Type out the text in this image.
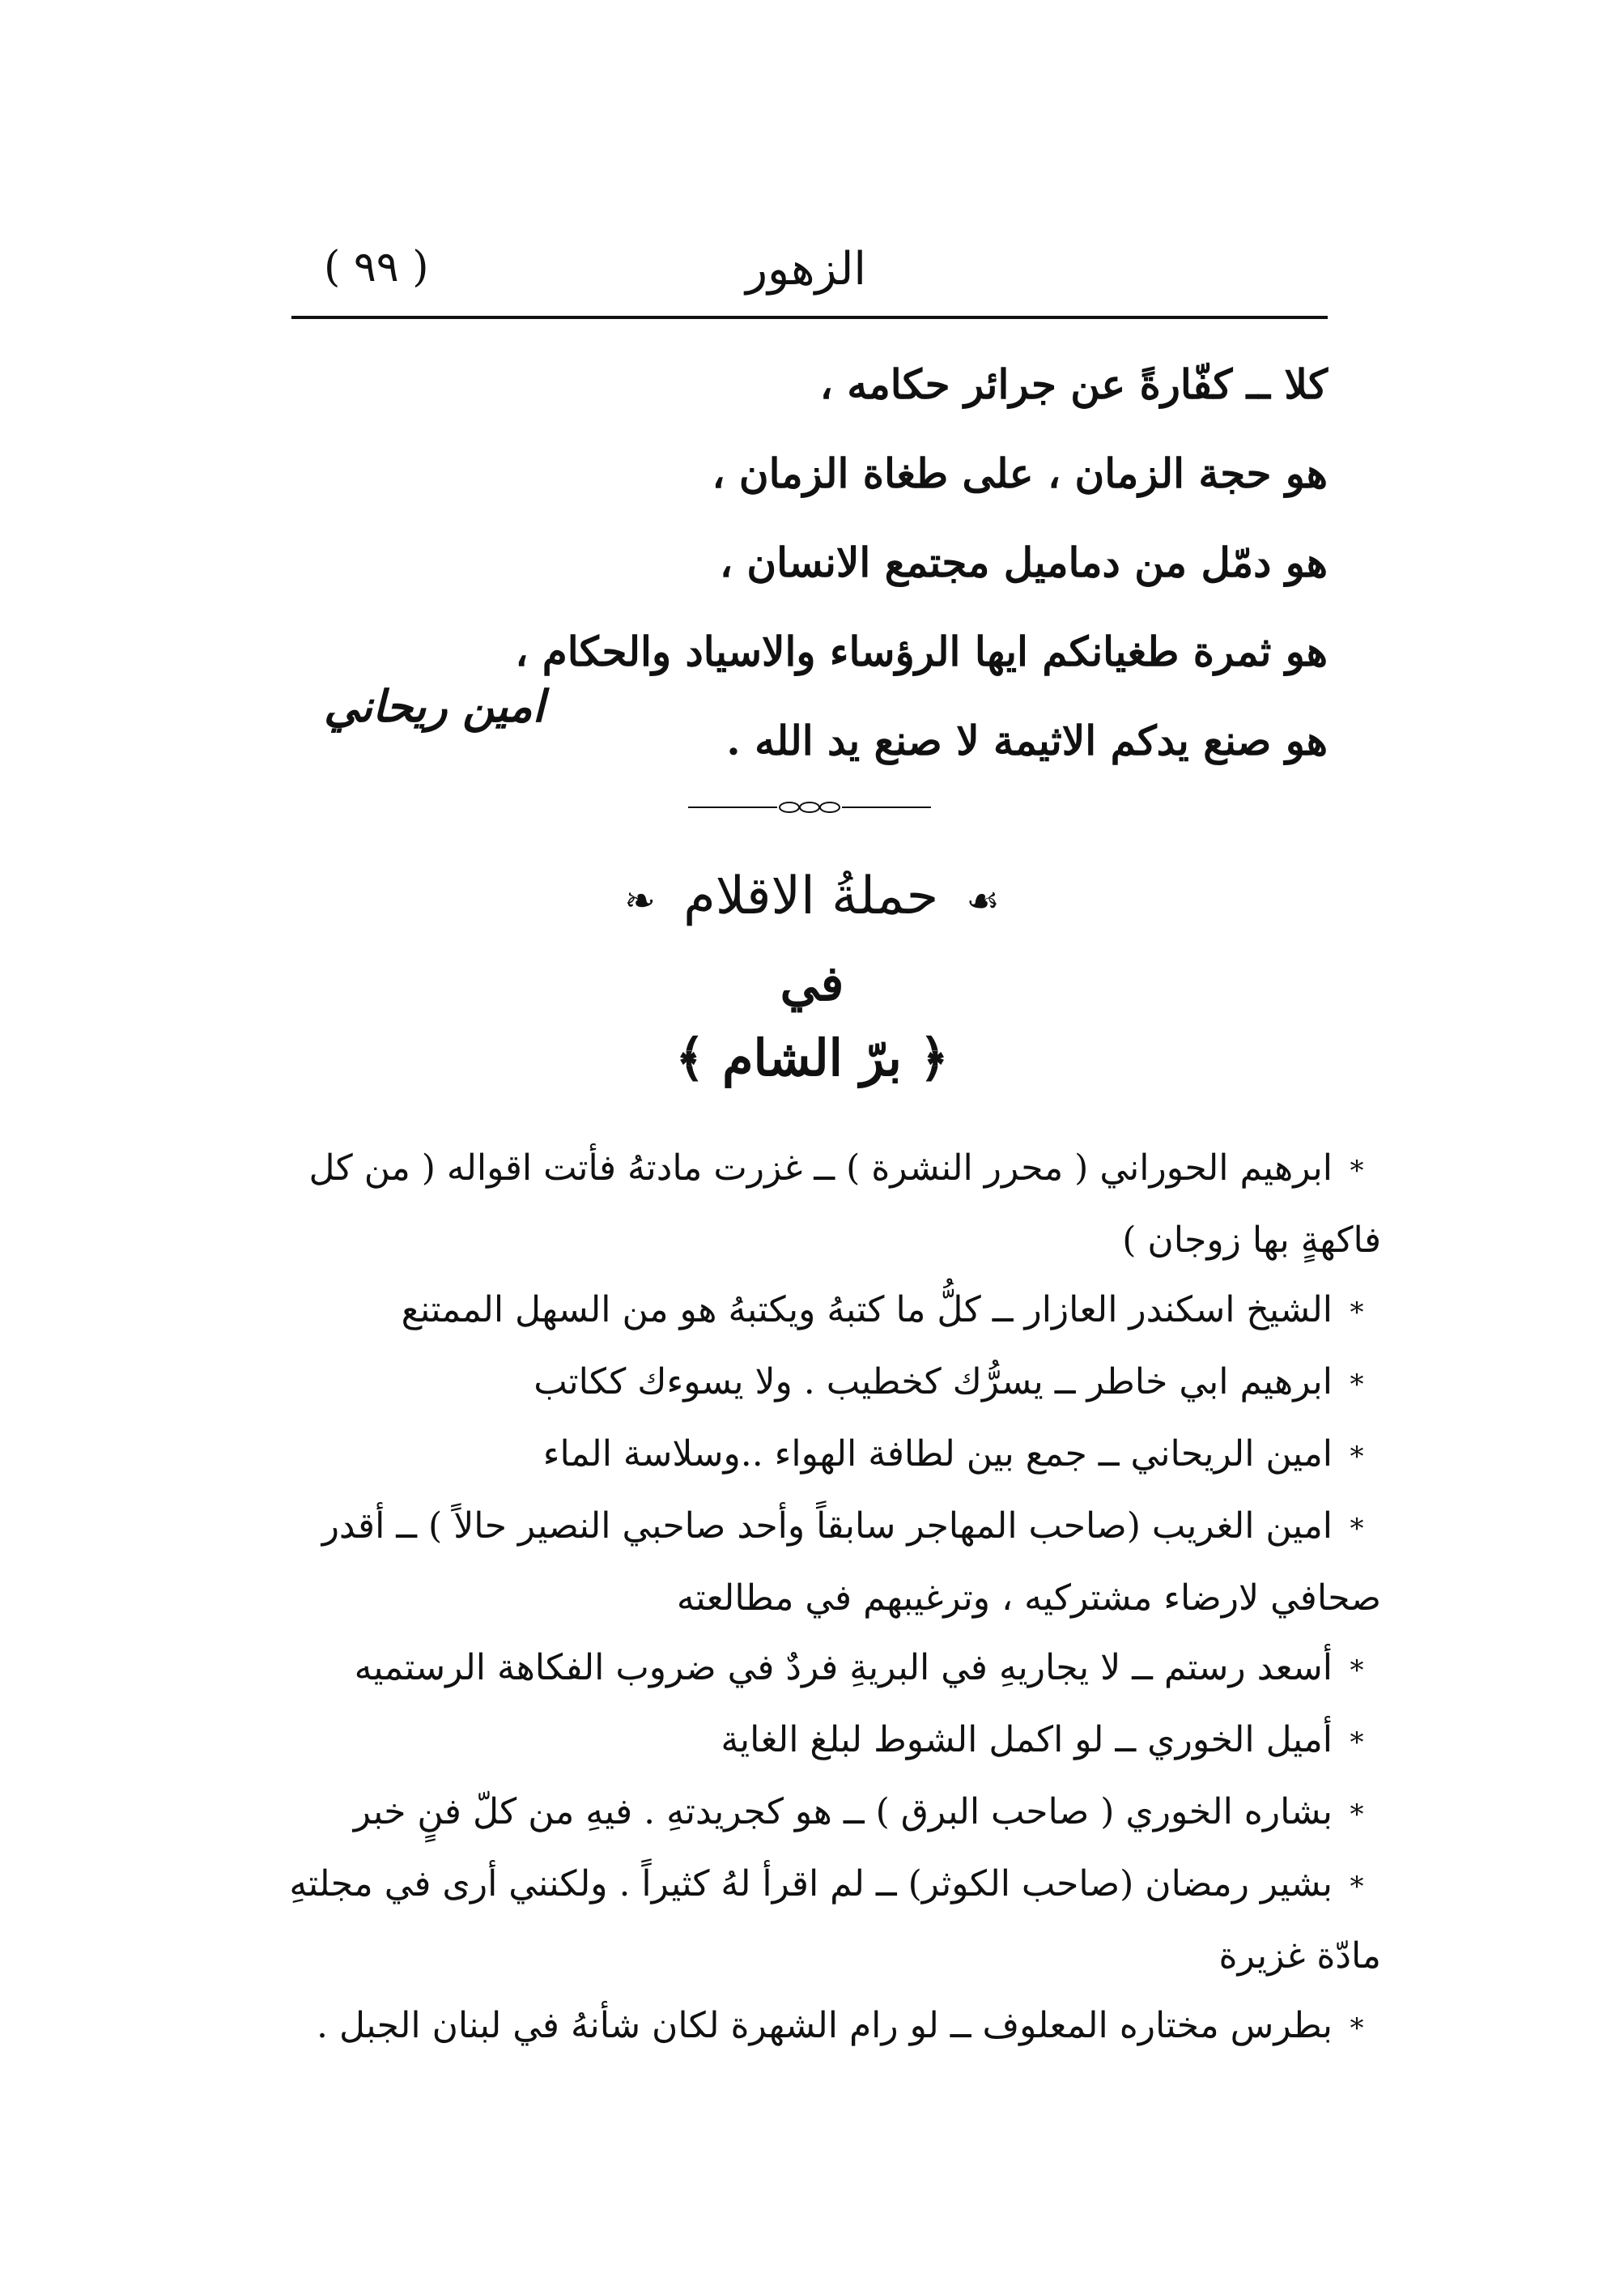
الزهور
( ٩٩ )
كلا ــ كفّارةً عن جرائر حكامه ،
هو حجة الزمان ، على طغاة الزمان ،
هو دمّل من دماميل مجتمع الانسان ،
هو ثمرة طغيانكم ايها الرؤساء والاسياد والحكام ،
هو صنع يدكم الاثيمة لا صنع يد الله .
امين ريحاني
☙ حملةُ الاقلام ❧
في
﴿ برّ الشام ﴾
*ابرهيم الحوراني ( محرر النشرة ) ــ غزرت مادتهُ فأتت اقواله ( من كل
فاكهةٍ بها زوجان )
*الشيخ اسكندر العازار ــ كلُّ ما كتبهُ ويكتبهُ هو من السهل الممتنع
*ابرهيم ابي خاطر ــ يسرُّك كخطيب . ولا يسوءك ككاتب
*امين الريحاني ــ جمع بين لطافة الهواء ..وسلاسة الماء
*امين الغريب (صاحب المهاجر سابقاً وأحد صاحبي النصير حالاً ) ــ أقدر
صحافي لارضاء مشتركيه ، وترغيبهم في مطالعته
*أسعد رستم ــ لا يجاريهِ في البريةِ فردٌ في ضروب الفكاهة الرستميه
*أميل الخوري ــ لو اكمل الشوط لبلغ الغاية
*بشاره الخوري ( صاحب البرق ) ــ هو كجريدتهِ . فيهِ من كلّ فنٍ خبر
*بشير رمضان (صاحب الكوثر) ــ لم اقرأ لهُ كثيراً . ولكنني أرى في مجلتهِ
مادّة غزيرة
*بطرس مختاره المعلوف ــ لو رام الشهرة لكان شأنهُ في لبنان الجبل .
